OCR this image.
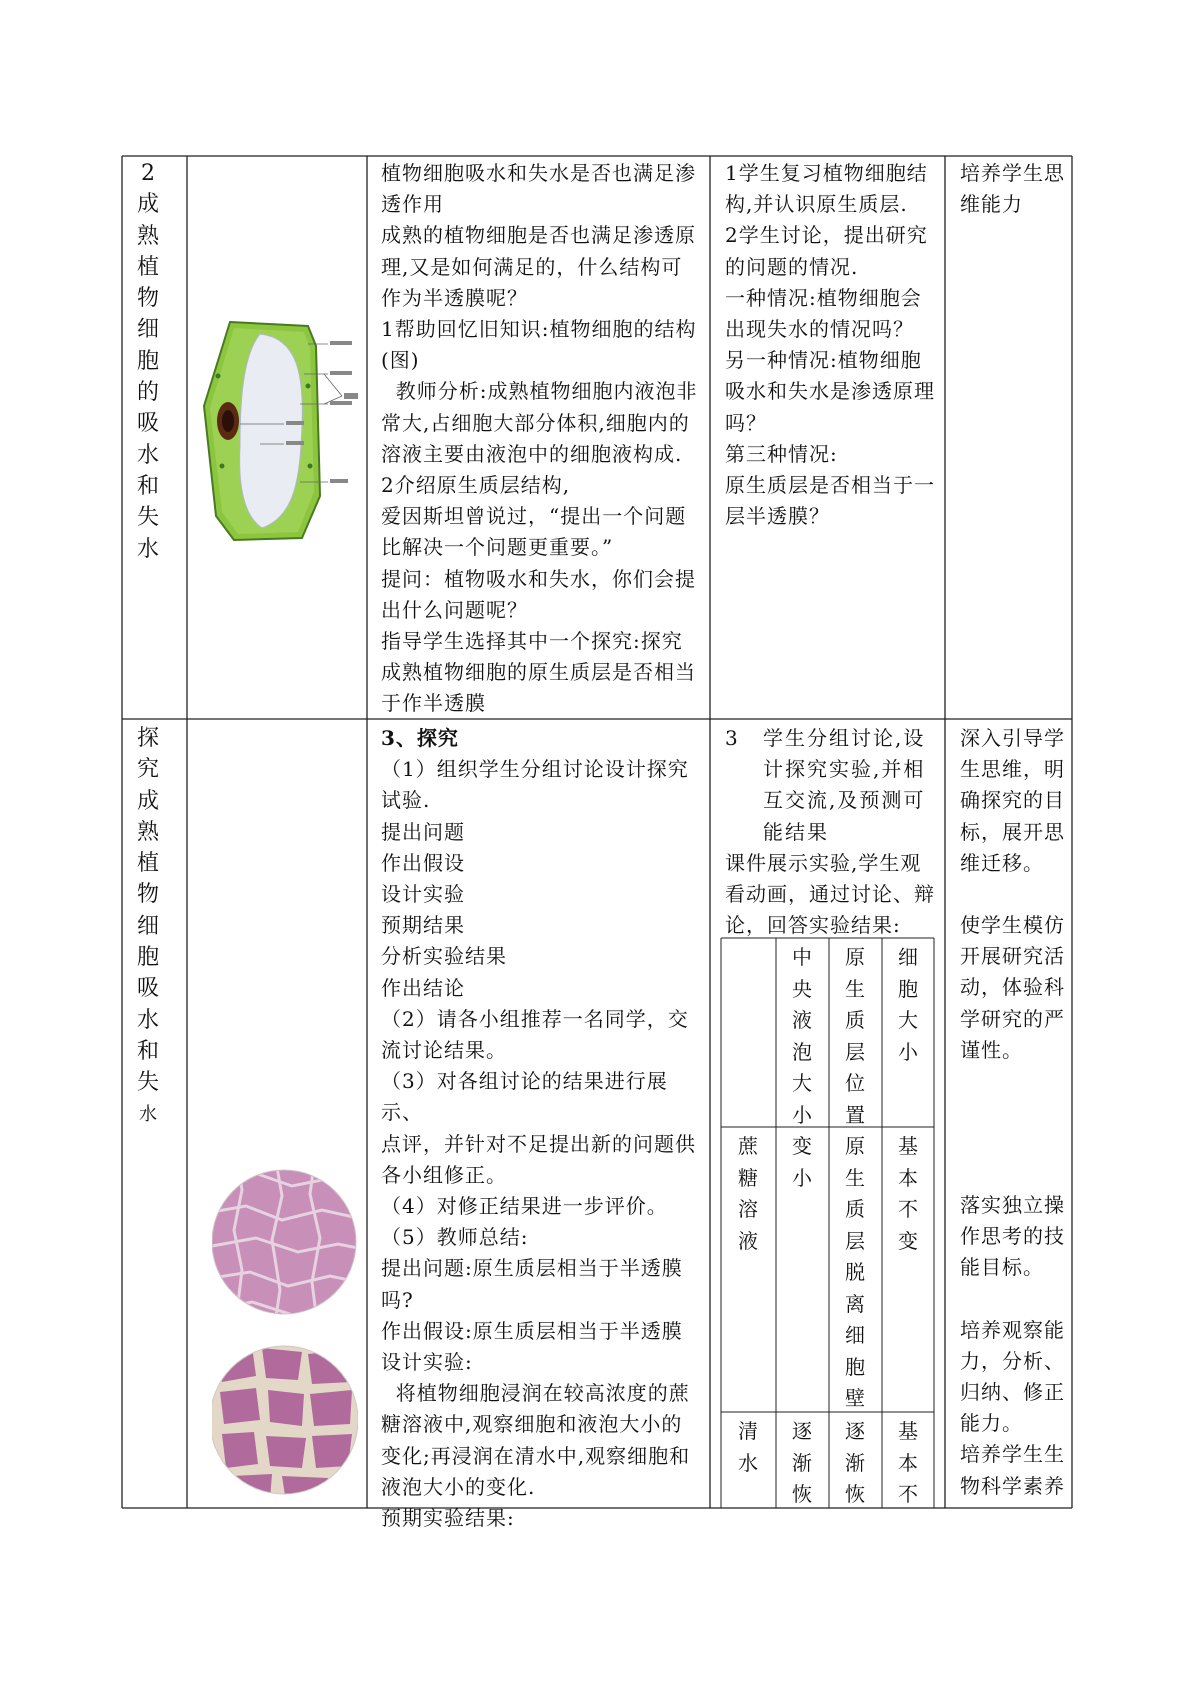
2成
熟
植
物
细
胞
的
吸
水
和
失
水

植物细胞吸水和失水是否也满足渗

透作用

成熟的植物细胞是否也满足渗透原

理,又是如何满足的，什么结构可

作为半透膜呢？

1帮助回忆旧知识:植物细胞的结构

(图)

教师分析:成熟植物细胞内液泡非

常大,占细胞大部分体积,细胞内的

溶液主要由液泡中的细胞液构成.

2介绍原生质层结构,

爱因斯坦曾说过，“提出一个问题

比解决一个问题更重要。”

提问：植物吸水和失水，你们会提

出什么问题呢？

指导学生选择其中一个探究:探究

成熟植物细胞的原生质层是否相当

于作半透膜

1学生复习植物细胞结

构,并认识原生质层.

2学生讨论，提出研究

的问题的情况.

一种情况:植物细胞会

出现失水的情况吗？

另一种情况:植物细胞

吸水和失水是渗透原理

吗？

第三种情况:

原生质层是否相当于一

层半透膜？

培养学生思

维能力

探
究
成
熟
植
物
细
胞
吸
水
和
失
水

3、探究

（1）组织学生分组讨论设计探究

试验.

提出问题

作出假设

设计实验

预期结果

分析实验结果

作出结论

（2）请各小组推荐一名同学，交

流讨论结果。

（3）对各组讨论的结果进行展示、

点评，并针对不足提出新的问题供

各小组修正。

（4）对修正结果进一步评价。

（5）教师总结:

提出问题:原生质层相当于半透膜

吗?

作出假设:原生质层相当于半透膜

设计实验:

将植物细胞浸润在较高浓度的蔗

糖溶液中,观察细胞和液泡大小的

变化;再浸润在清水中,观察细胞和

液泡大小的变化.

预期实验结果:

3 学生分组讨论,设

计探究实验,并相

互交流,及预测可

能结果

课件展示实验,学生观

看动画，通过讨论、辩

论，回答实验结果:

中
央
液
泡
大
小
原
生
质
层
位
置
细
胞
大
小
蔗
糖
溶
液
变
小
原
生
质
层
脱
离
细
胞
壁
基
本
不
变
清
水
逐
渐
恢
逐
渐
恢
基
本
不

深入引导学

生思维，明

确探究的目

标，展开思

维迁移。

使学生模仿

开展研究活

动，体验科

学研究的严

谨性。

落实独立操

作思考的技

能目标。

培养观察能

力，分析、

归纳、修正

能力。

培养学生生

物科学素养
